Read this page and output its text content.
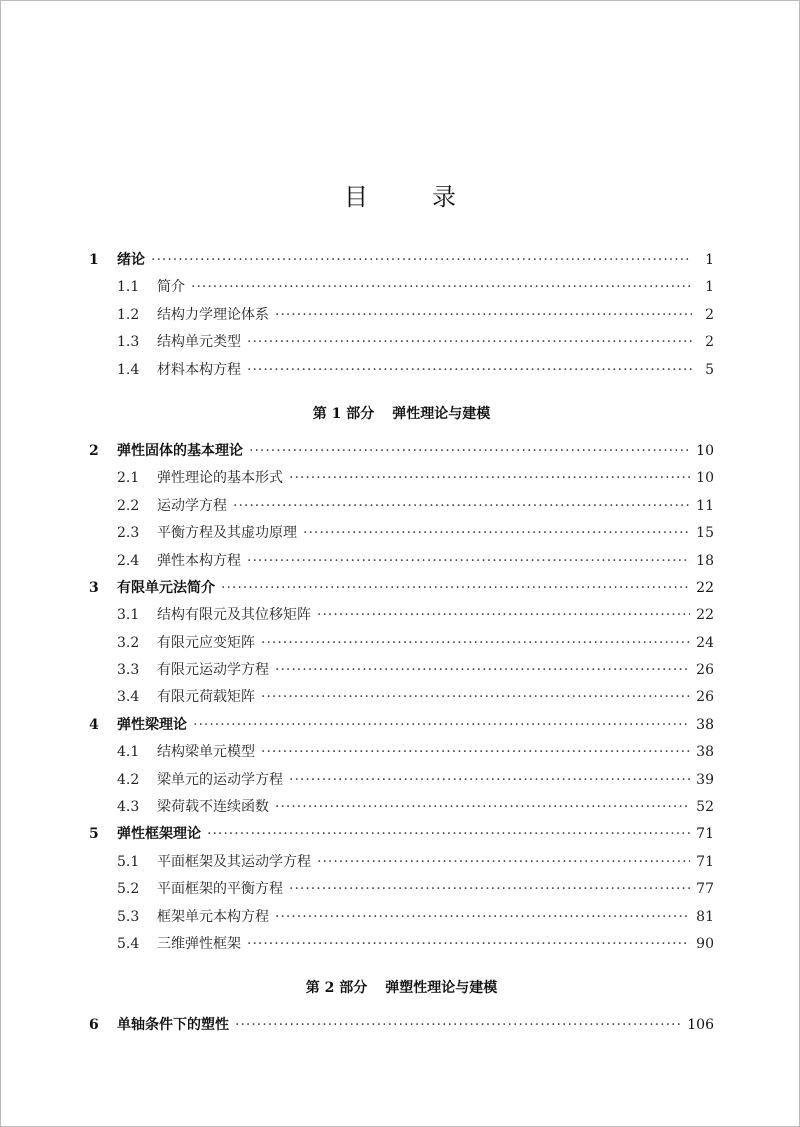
目	录
1	绪论 ·····	1
1.1	简介 ·····	1
1.2	结构力学理论体系 ·····	2
1.3	结构单元类型 ·····	2
1.4	材料本构方程 ·····	5
第 1 部分 弹性理论与建模
2	弹性固体的基本理论 ·····	10
2.1	弹性理论的基本形式 ·····	10
2.2	运动学方程 ·····	11
2.3	平衡方程及其虚功原理 ·····	15
2.4	弹性本构方程 ·····	18
3	有限单元法简介 ·····	22
3.1	结构有限元及其位移矩阵 ·····	22
3.2	有限元应变矩阵 ·····	24
3.3	有限元运动学方程 ·····	26
3.4	有限元荷载矩阵 ·····	26
4	弹性梁理论 ·····	38
4.1	结构梁单元模型 ·····	38
4.2	梁单元的运动学方程 ·····	39
4.3	梁荷载不连续函数 ·····	52
5	弹性框架理论 ·····	71
5.1	平面框架及其运动学方程 ·····	71
5.2	平面框架的平衡方程 ·····	77
5.3	框架单元本构方程 ·····	81
5.4	三维弹性框架 ·····	90
第 2 部分 弹塑性理论与建模
6	单轴条件下的塑性 ·····	106
